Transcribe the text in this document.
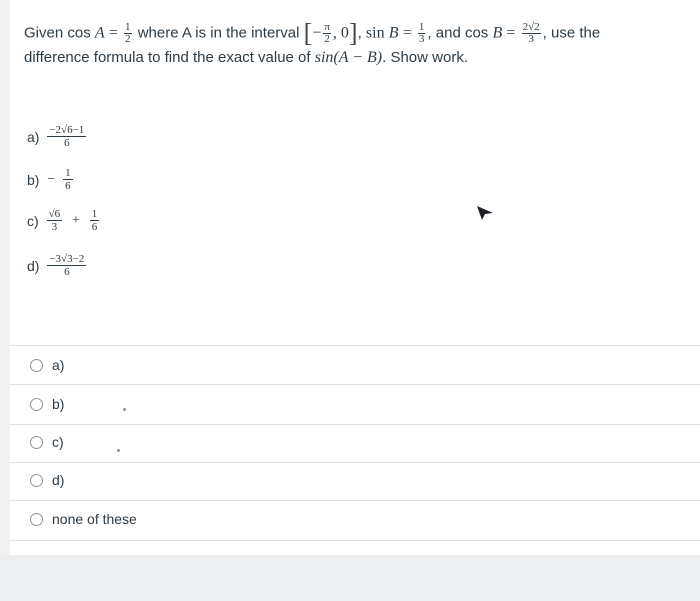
Given $\cos A = \frac{1}{2}$ where A is in the interval [− $\frac{\pi}{2}$ , 0], $\sin B = \frac{1}{3}$ , and $\cos B = \frac{2√2}{3}$ , use the
difference formula to find the exact value of sin(A − B). Show work.
$a) \frac{-2√6-1}{6}$
$b) - \frac{1}{6}$
$c) \frac{√6}{3} + \frac{1}{6}$
$d) \frac{-3√3-2}{6}$
a)
b)
c)
d)
none of these
